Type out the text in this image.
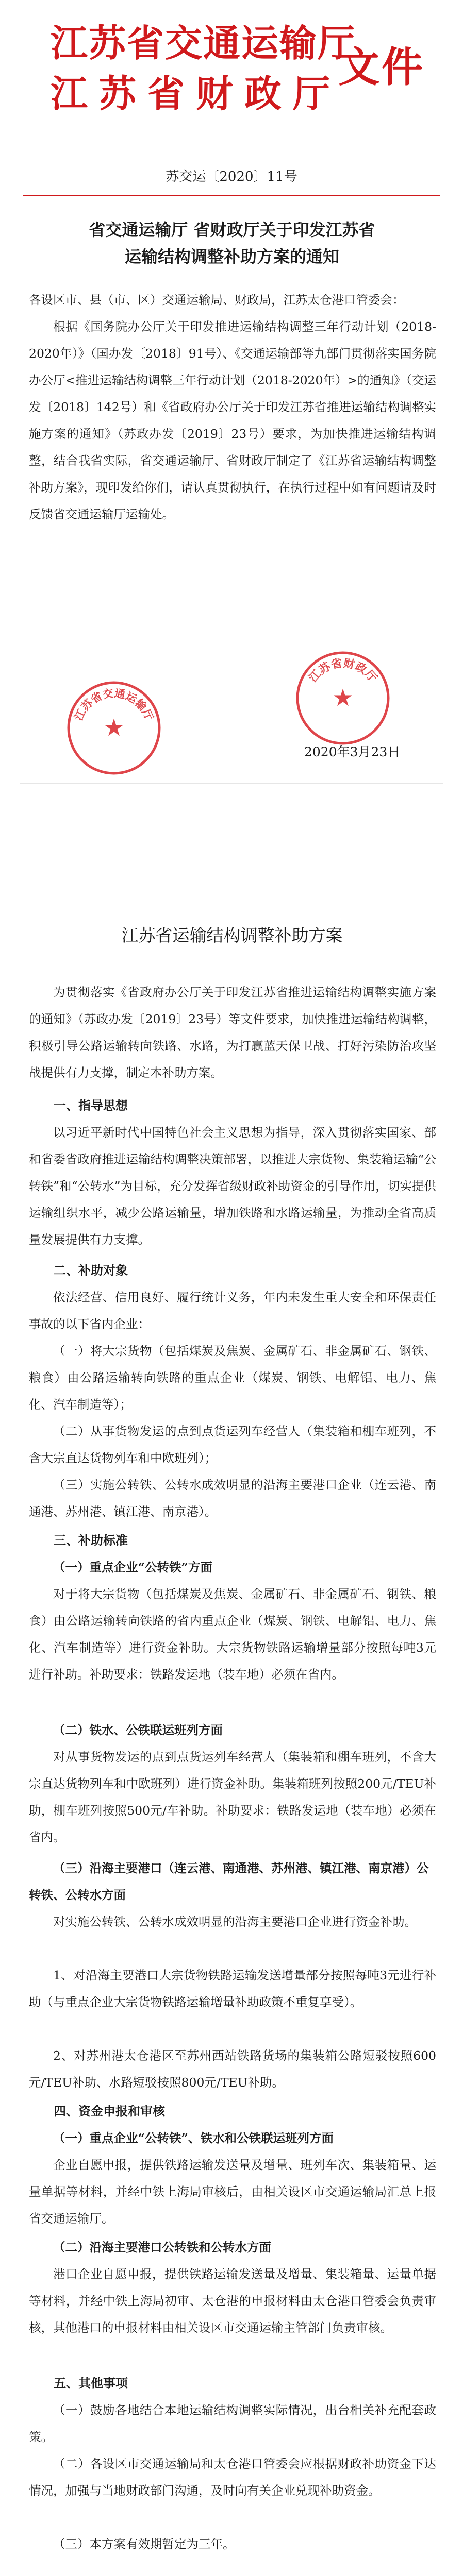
江苏省交通运输厅
江苏省财政厅
文件
苏交运〔2020〕11号
省交通运输厅 省财政厅关于印发江苏省
运输结构调整补助方案的通知
各设区市、县（市、区）交通运输局、财政局，江苏太仓港口管委会：
根据《国务院办公厅关于印发推进运输结构调整三年行动计划（2018-2020年）》（国办发〔2018〕91号）、《交通运输部等九部门贯彻落实国务院办公厅<推进运输结构调整三年行动计划（2018-2020年）>的通知》（交运发〔2018〕142号）和《省政府办公厅关于印发江苏省推进运输结构调整实施方案的通知》（苏政办发〔2019〕23号）要求，为加快推进运输结构调整，结合我省实际，省交通运输厅、省财政厅制定了《江苏省运输结构调整补助方案》，现印发给你们，请认真贯彻执行，在执行过程中如有问题请及时反馈省交通运输厅运输处。
江苏省交通运输厅
★
江苏省财政厅
★
2020年3月23日
江苏省运输结构调整补助方案
为贯彻落实《省政府办公厅关于印发江苏省推进运输结构调整实施方案的通知》（苏政办发〔2019〕23号）等文件要求，加快推进运输结构调整，积极引导公路运输转向铁路、水路，为打赢蓝天保卫战、打好污染防治攻坚战提供有力支撑，制定本补助方案。
一、指导思想
以习近平新时代中国特色社会主义思想为指导，深入贯彻落实国家、部和省委省政府推进运输结构调整决策部署，以推进大宗货物、集装箱运输“公转铁”和“公转水”为目标，充分发挥省级财政补助资金的引导作用，切实提供运输组织水平，减少公路运输量，增加铁路和水路运输量，为推动全省高质量发展提供有力支撑。
二、补助对象
依法经营、信用良好、履行统计义务，年内未发生重大安全和环保责任事故的以下省内企业：
（一）将大宗货物（包括煤炭及焦炭、金属矿石、非金属矿石、钢铁、粮食）由公路运输转向铁路的重点企业（煤炭、钢铁、电解铝、电力、焦化、汽车制造等）；
（二）从事货物发运的点到点货运列车经营人（集装箱和棚车班列，不含大宗直达货物列车和中欧班列）；
（三）实施公转铁、公转水成效明显的沿海主要港口企业（连云港、南通港、苏州港、镇江港、南京港）。
三、补助标准
（一）重点企业“公转铁”方面
对于将大宗货物（包括煤炭及焦炭、金属矿石、非金属矿石、钢铁、粮食）由公路运输转向铁路的省内重点企业（煤炭、钢铁、电解铝、电力、焦化、汽车制造等）进行资金补助。大宗货物铁路运输增量部分按照每吨3元进行补助。补助要求：铁路发运地（装车地）必须在省内。
（二）铁水、公铁联运班列方面
对从事货物发运的点到点货运列车经营人（集装箱和棚车班列，不含大宗直达货物列车和中欧班列）进行资金补助。集装箱班列按照200元/TEU补助，棚车班列按照500元/车补助。补助要求：铁路发运地（装车地）必须在省内。
（三）沿海主要港口（连云港、南通港、苏州港、镇江港、南京港）公转铁、公转水方面
对实施公转铁、公转水成效明显的沿海主要港口企业进行资金补助。
1、对沿海主要港口大宗货物铁路运输发送增量部分按照每吨3元进行补助（与重点企业大宗货物铁路运输增量补助政策不重复享受）。
2、对苏州港太仓港区至苏州西站铁路货场的集装箱公路短驳按照600元/TEU补助、水路短驳按照800元/TEU补助。
四、资金申报和审核
（一）重点企业“公转铁”、铁水和公铁联运班列方面
企业自愿申报，提供铁路运输发送量及增量、班列车次、集装箱量、运量单据等材料，并经中铁上海局审核后，由相关设区市交通运输局汇总上报省交通运输厅。
（二）沿海主要港口公转铁和公转水方面
港口企业自愿申报，提供铁路运输发送量及增量、集装箱量、运量单据等材料，并经中铁上海局初审、太仓港的申报材料由太仓港口管委会负责审核，其他港口的申报材料由相关设区市交通运输主管部门负责审核。
五、其他事项
（一）鼓励各地结合本地运输结构调整实际情况，出台相关补充配套政策。
（二）各设区市交通运输局和太仓港口管委会应根据财政补助资金下达情况，加强与当地财政部门沟通，及时向有关企业兑现补助资金。
（三）本方案有效期暂定为三年。
